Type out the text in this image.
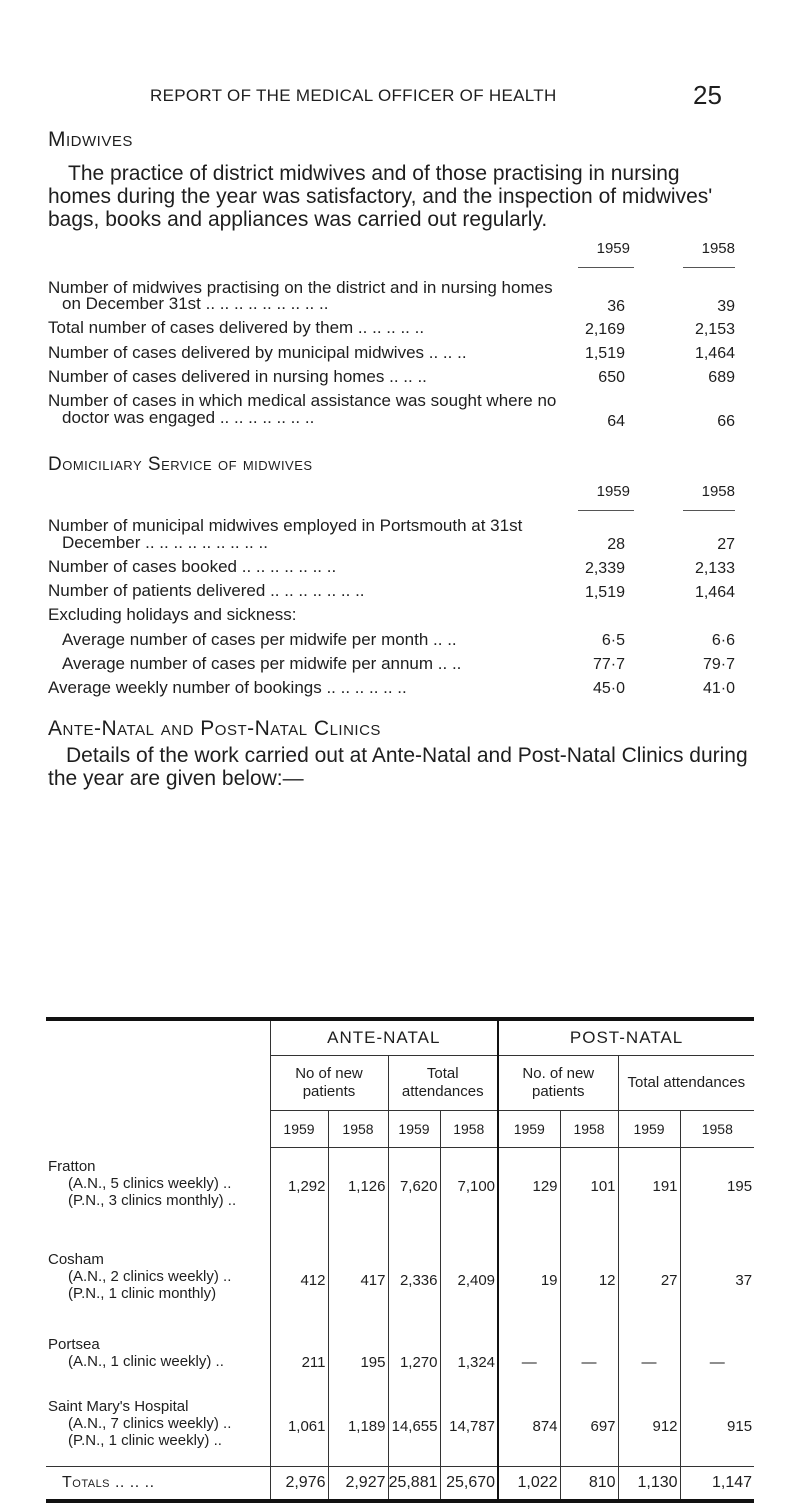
REPORT OF THE MEDICAL OFFICER OF HEALTH	25
Midwives
The practice of district midwives and of those practising in nursing homes during the year was satisfactory, and the inspection of midwives' bags, books and appliances was carried out regularly.
1959	1958
Number of midwives practising on the district and in nursing homes
on December 31st .. .. .. .. .. .. .. .. ..	36	39
Total number of cases delivered by them .. .. .. .. ..	2,169	2,153
Number of cases delivered by municipal midwives .. .. ..	1,519	1,464
Number of cases delivered in nursing homes .. .. ..	650	689
Number of cases in which medical assistance was sought where no
doctor was engaged .. .. .. .. .. .. ..	64	66
Domiciliary Service of midwives
1959	1958
Number of municipal midwives employed in Portsmouth at 31st
December .. .. .. .. .. .. .. .. ..	28	27
Number of cases booked .. .. .. .. .. .. ..	2,339	2,133
Number of patients delivered .. .. .. .. .. .. ..	1,519	1,464
Excluding holidays and sickness:
Average number of cases per midwife per month .. ..	6·5	6·6
Average number of cases per midwife per annum .. ..	77·7	79·7
Average weekly number of bookings .. .. .. .. .. ..	45·0	41·0
Ante-Natal and Post-Natal Clinics
Details of the work carried out at Ante-Natal and Post-Natal Clinics during the year are given below:—
	ANTE-NATAL				POST-NATAL			
	No of new patients		Total attendances		No. of new patients		Total attendances	
	1959	1958	1959	1958	1959	1958	1959	1958
Fratton
(A.N., 5 clinics weekly) ..
(P.N., 3 clinics monthly) ..	1,292	1,126	7,620	7,100	129	101	191	195
Cosham
(A.N., 2 clinics weekly) ..
(P.N., 1 clinic monthly)	412	417	2,336	2,409	19	12	27	37
Portsea
(A.N., 1 clinic weekly) ..	211	195	1,270	1,324	—	—	—	—
Saint Mary's Hospital
(A.N., 7 clinics weekly) ..
(P.N., 1 clinic weekly) ..	1,061	1,189	14,655	14,787	874	697	912	915
Totals .. .. ..	2,976	2,927	25,881	25,670	1,022	810	1,130	1,147
